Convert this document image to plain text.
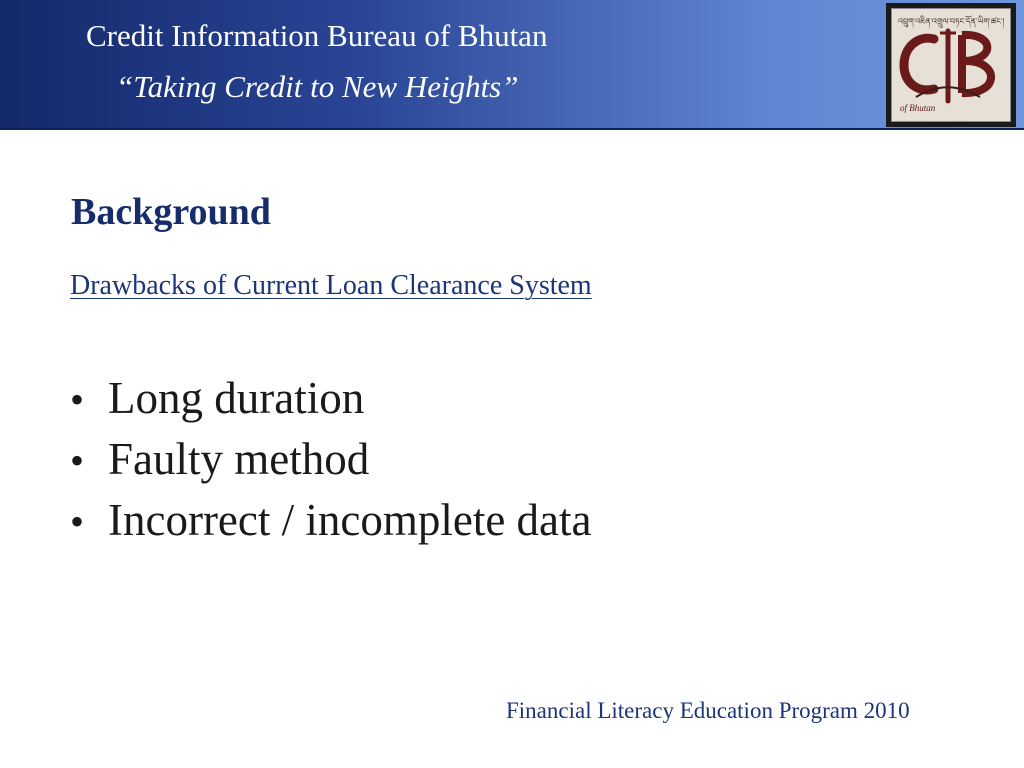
Credit Information Bureau of Bhutan
“Taking Credit to New Heights”
འབྲུག་འཇིན་འགྲུལ་བཏང་དོན་ཡིག་ཚང་།
of Bhutan
Background
Drawbacks of Current Loan Clearance System
• Long duration
• Faulty method
• Incorrect / incomplete data
Financial Literacy Education Program 2010
